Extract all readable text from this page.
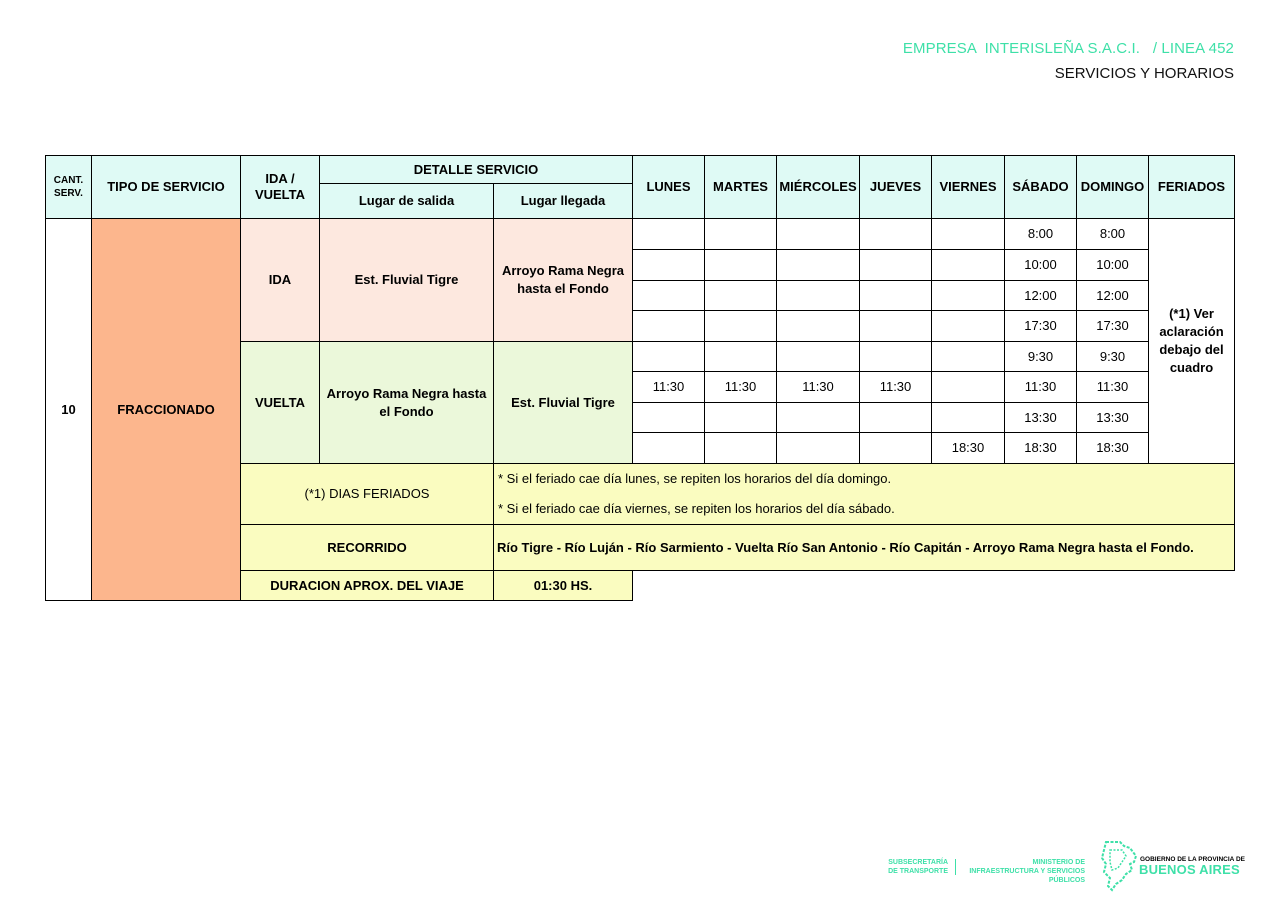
EMPRESA  INTERISLEÑA S.A.C.I.   / LINEA 452
SERVICIOS Y HORARIOS
CANT. SERV.	TIPO DE SERVICIO	IDA / VUELTA	DETALLE SERVICIO		LUNES	MARTES	MIÉRCOLES	JUEVES	VIERNES	SÁBADO	DOMINGO	FERIADOS
			Lugar de salida	Lugar llegada								
10	FRACCIONADO	IDA	Est. Fluvial Tigre	Arroyo Rama Negra hasta el Fondo						8:00	8:00	(*1) Ver aclaración debajo del cuadro
										10:00	10:00	
										12:00	12:00	
										17:30	17:30	
		VUELTA	Arroyo Rama Negra hasta el Fondo	Est. Fluvial Tigre						9:30	9:30	
					11:30	11:30	11:30	11:30		11:30	11:30	
										13:30	13:30	
									18:30	18:30	18:30	
		(*1) DIAS FERIADOS		* Si el feriado cae día lunes, se repiten los horarios del día domingo.
* Si el feriado cae día viernes, se repiten los horarios del día sábado.								

		RECORRIDO		Río Tigre - Río Luján - Río Sarmiento - Vuelta Río San Antonio - Río Capitán - Arroyo Rama Negra hasta el Fondo.								
		DURACION APROX. DEL VIAJE		01:30 HS.								
SUBSECRETARÍA DE TRANSPORTE
MINISTERIO DE INFRAESTRUCTURA Y SERVICIOS PÚBLICOS
GOBIERNO DE LA PROVINCIA DE
BUENOS AIRES
